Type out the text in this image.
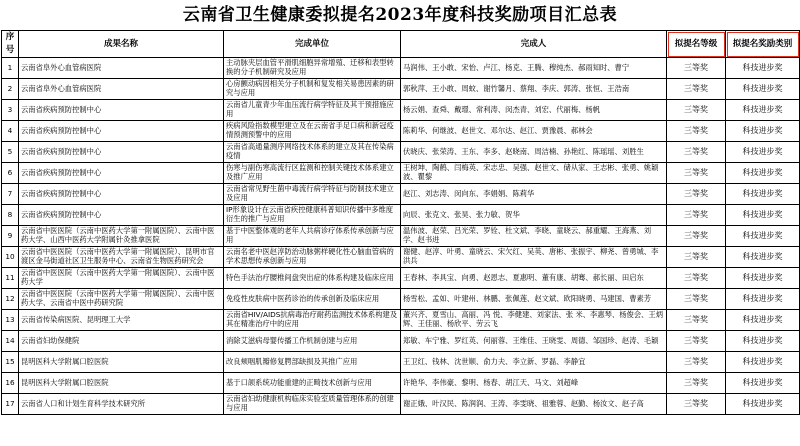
云南省卫生健康委拟提名2023年度科技奖励项目汇总表
序号	成果名称	完成单位	完成人	拟提名等级	拟提名奖励类别
1	云南省阜外心血管病医院	主动脉夹层血管平滑肌细胞异常增殖、迁移和表型转换的分子机制研究及应用	马润伟、王小敢、宋怡、卢江、杨克、王腾、穆纯杰、郝雨知时、曹宁	三等奖	科技进步奖
2	云南省阜外心血管病医院	心房颤动病因相关分子机制和复发相关易患因素的研究与应用	郭秋萍、王小敢、周蚊、谢竹馨月、蔡翔、李庆、郭涛、张恒、王浩南	三等奖	科技进步奖
3	云南省疾病预防控制中心	云南省儿童青少年血压流行病学特征及其干预措施应用	杨云娟、查舜、戴璟、常利涛、闵杰青、刘宏、代丽梅、杨帆	三等奖	科技进步奖
4	云南省疾病预防控制中心	疾病风险指数模型建立及在云南省手足口病和新冠疫情预测预警中的应用	陈莉华、何继波、赵世文、邓尔达、赵江、贾豫晨、郝林会	三等奖	科技进步奖
5	云南省疾病预防控制中心	云南省高通量测序网络技术体系的建立及其在传染病疫情	伏晓庆、张荣涛、王东、李多、赵晓南、周洁楠、孙艳红、陈瑶瑶、刘胜生	三等奖	科技进步奖
6	云南省疾病预防控制中心	伤寒与副伤寒高流行区监测和控制关键技术体系建立及推广应用	王树坤、陶鹤、闫梅英、宋志忠、吴强、赵世文、储从家、王志彬、张勇、姚颖波、瞿黎	三等奖	科技进步奖
7	云南省疾病预防控制中心	云南省常见野生菌中毒流行病学特征与防制技术建立及应用	赵江、刘志涛、闵向东、李娟娟、陈莉华	三等奖	科技进步奖
8	云南省疾病预防控制中心	IP形象设计在云南省疾控健康科普知识传播中多维度衍生的推广与应用	向辰、张克文、张昊、张力敏、贺华	三等奖	科技进步奖
9	云南省中医医院（云南中医药大学第一附属医院）、云南中医药大学、山西中医药大学附属针灸推拿医院	基于中医整体观的老年人共病诊疗体系传承创新与应用	温伟波、赵荣、吕光荣、罗铨、杜文斌、李晓、童晓云、郝重耀、王海燕、刘学、赵书进	三等奖	科技进步奖
10	云南省中医医院（云南中医药大学第一附属医院）、昆明市官渡区金马街道社区卫生服务中心、云南省生物医药研究会	云南名老中医赵淳防治动脉粥样硬化性心脑血管病的学术思想传承创新与应用	谢健、赵淳、叶勇、童晓云、宋欠红、吴英、唐彬、张振宇、柳尧、曾勇城、李洪兵	三等奖	科技进步奖
11	云南省中医医院（云南中医药大学第一附属医院）、云南中医药大学	特色手法治疗腰椎间盘突出症的体系构建及临床应用	王春林、李具宝、向勇、赵恩志、夏惠明、董有康、胡骞、郝长丽、田启东	三等奖	科技进步奖
12	云南省中医医院（云南中医药大学第一附属医院）、云南中医药大学、云南省中医中药研究院	免疫性皮肤病中医药诊治的传承创新及临床应用	杨雪松、孟如、叶建州、林鹏、张佩莲、赵文斌、欧阳晓勇、马建国、曹素芳	三等奖	科技进步奖
13	云南省传染病医院、昆明理工大学	云南省HIV/AIDS抗病毒治疗耐药监测技术体系构建及其在精准治疗中的应用	董兴齐、夏雪山、高丽、冯 悦、李健建、刘家法、张 米、李惠琴、杨俊会、王炳辉、王佳丽、杨欣平、劳云飞	三等奖	科技进步奖
14	云南省妇幼保健院	消除艾滋病母婴传播工作机制创建与应用	郑敏、车宁雅、罗红英、何丽蓉、王维佳、王晓雯、周德、邹国珍、赵涛、毛颖	三等奖	科技进步奖
15	昆明医科大学附属口腔医院	改良颊咽肌瓣修复腭部缺损及其推广应用	王卫红、钱林、沈世顺、俞力夫、李立新、罗磊、李静宜	三等奖	科技进步奖
16	昆明医科大学附属口腔医院	基于口颌系统功能重建的正畸技术创新与应用	许艳华、李伟豪、黎明、杨春、胡江天、马文、刘超峰	三等奖	科技进步奖
17	云南省人口和计划生育科学技术研究所	云南省妇幼健康机构临床实验室质量管理体系的创建与应用	谢正娥、叶汉民、陈润润、王涛、李雯晓、祖雅蓉、赵勤、杨汝文、赵子高	三等奖	科技进步奖
